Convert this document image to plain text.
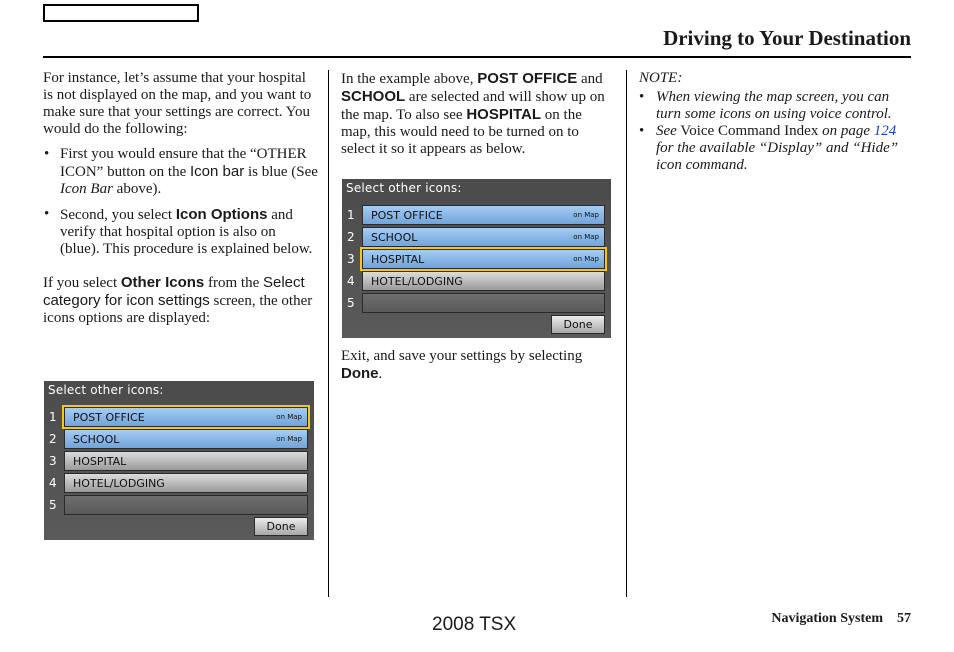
Driving to Your Destination

For instance, let’s assume that your hospital is not displayed on the map, and you want to make sure that your settings are correct. You would do the following:

• First you would ensure that the “OTHER ICON” button on the Icon bar is blue (See Icon Bar above).
• Second, you select Icon Options and verify that hospital option is also on (blue). This procedure is explained below.

If you select Other Icons from the Select category for icon settings screen, the other icons options are displayed:

Select other icons:
1 POST OFFICE	on Map
2 SCHOOL	on Map
3 HOSPITAL
4 HOTEL/LODGING
5
Done

In the example above, POST OFFICE and SCHOOL are selected and will show up on the map. To also see HOSPITAL on the map, this would need to be turned on to select it so it appears as below.

Select other icons:
1 POST OFFICE	on Map
2 SCHOOL	on Map
3 HOSPITAL	on Map
4 HOTEL/LODGING
5
Done

Exit, and save your settings by selecting Done.

NOTE:

• When viewing the map screen, you can turn some icons on using voice control.
• See Voice Command Index on page 124 for the available “Display” and “Hide” icon command.
2008 TSX	Navigation System 57
